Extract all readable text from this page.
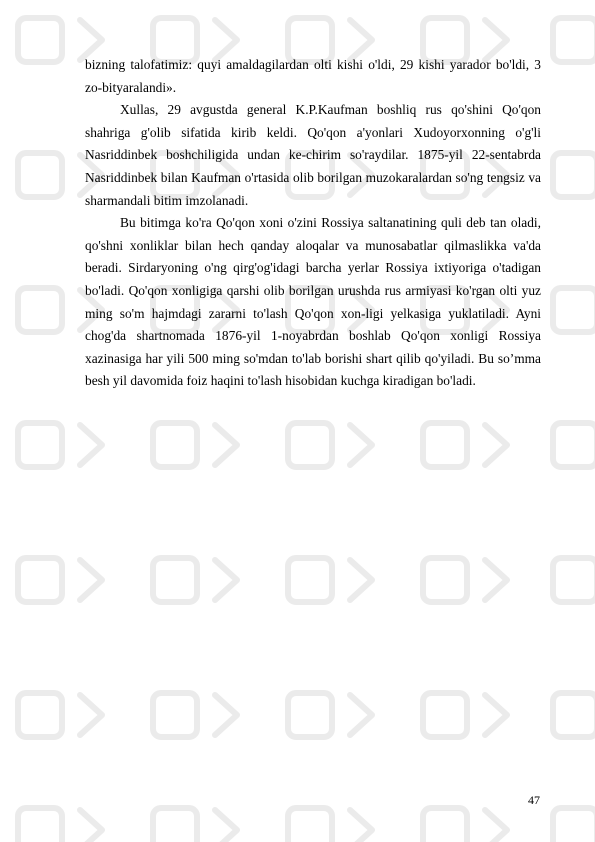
bizning talofatimiz: quyi amaldagilardan olti kishi o'ldi, 29 kishi yarador bo'ldi, 3 zo-bityaralandi».

Xullas, 29 avgustda general K.P.Kaufman boshliq rus qo'shini Qo'qon shahriga g'olib sifatida kirib keldi. Qo'qon a'yonlari Xudoyorxonning o'g'li Nasriddinbek boshchiligida undan ke-chirim so'raydilar. 1875-yil 22-sentabrda Nasriddinbek bilan Kaufman o'rtasida olib borilgan muzokaralardan so'ng tengsiz va sharmandali bitim imzolanadi.

Bu bitimga ko'ra Qo'qon xoni o'zini Rossiya saltanatining quli deb tan oladi, qo'shni xonliklar bilan hech qanday aloqalar va munosabatlar qilmaslikka va'da beradi. Sirdaryoning o'ng qirg'og'idagi barcha yerlar Rossiya ixtiyoriga o'tadigan bo'ladi. Qo'qon xonligiga qarshi olib borilgan urushda rus armiyasi ko'rgan olti yuz ming so'm hajmdagi zararni to'lash Qo'qon xon-ligi yelkasiga yuklatiladi. Ayni chog'da shartnomada 1876-yil 1-noyabrdan boshlab Qo'qon xonligi Rossiya xazinasiga har yili 500 ming so'mdan to'lab borishi shart qilib qo'yiladi. Bu so’mma besh yil davomida foiz haqini to'lash hisobidan kuchga kiradigan bo'ladi.

47
